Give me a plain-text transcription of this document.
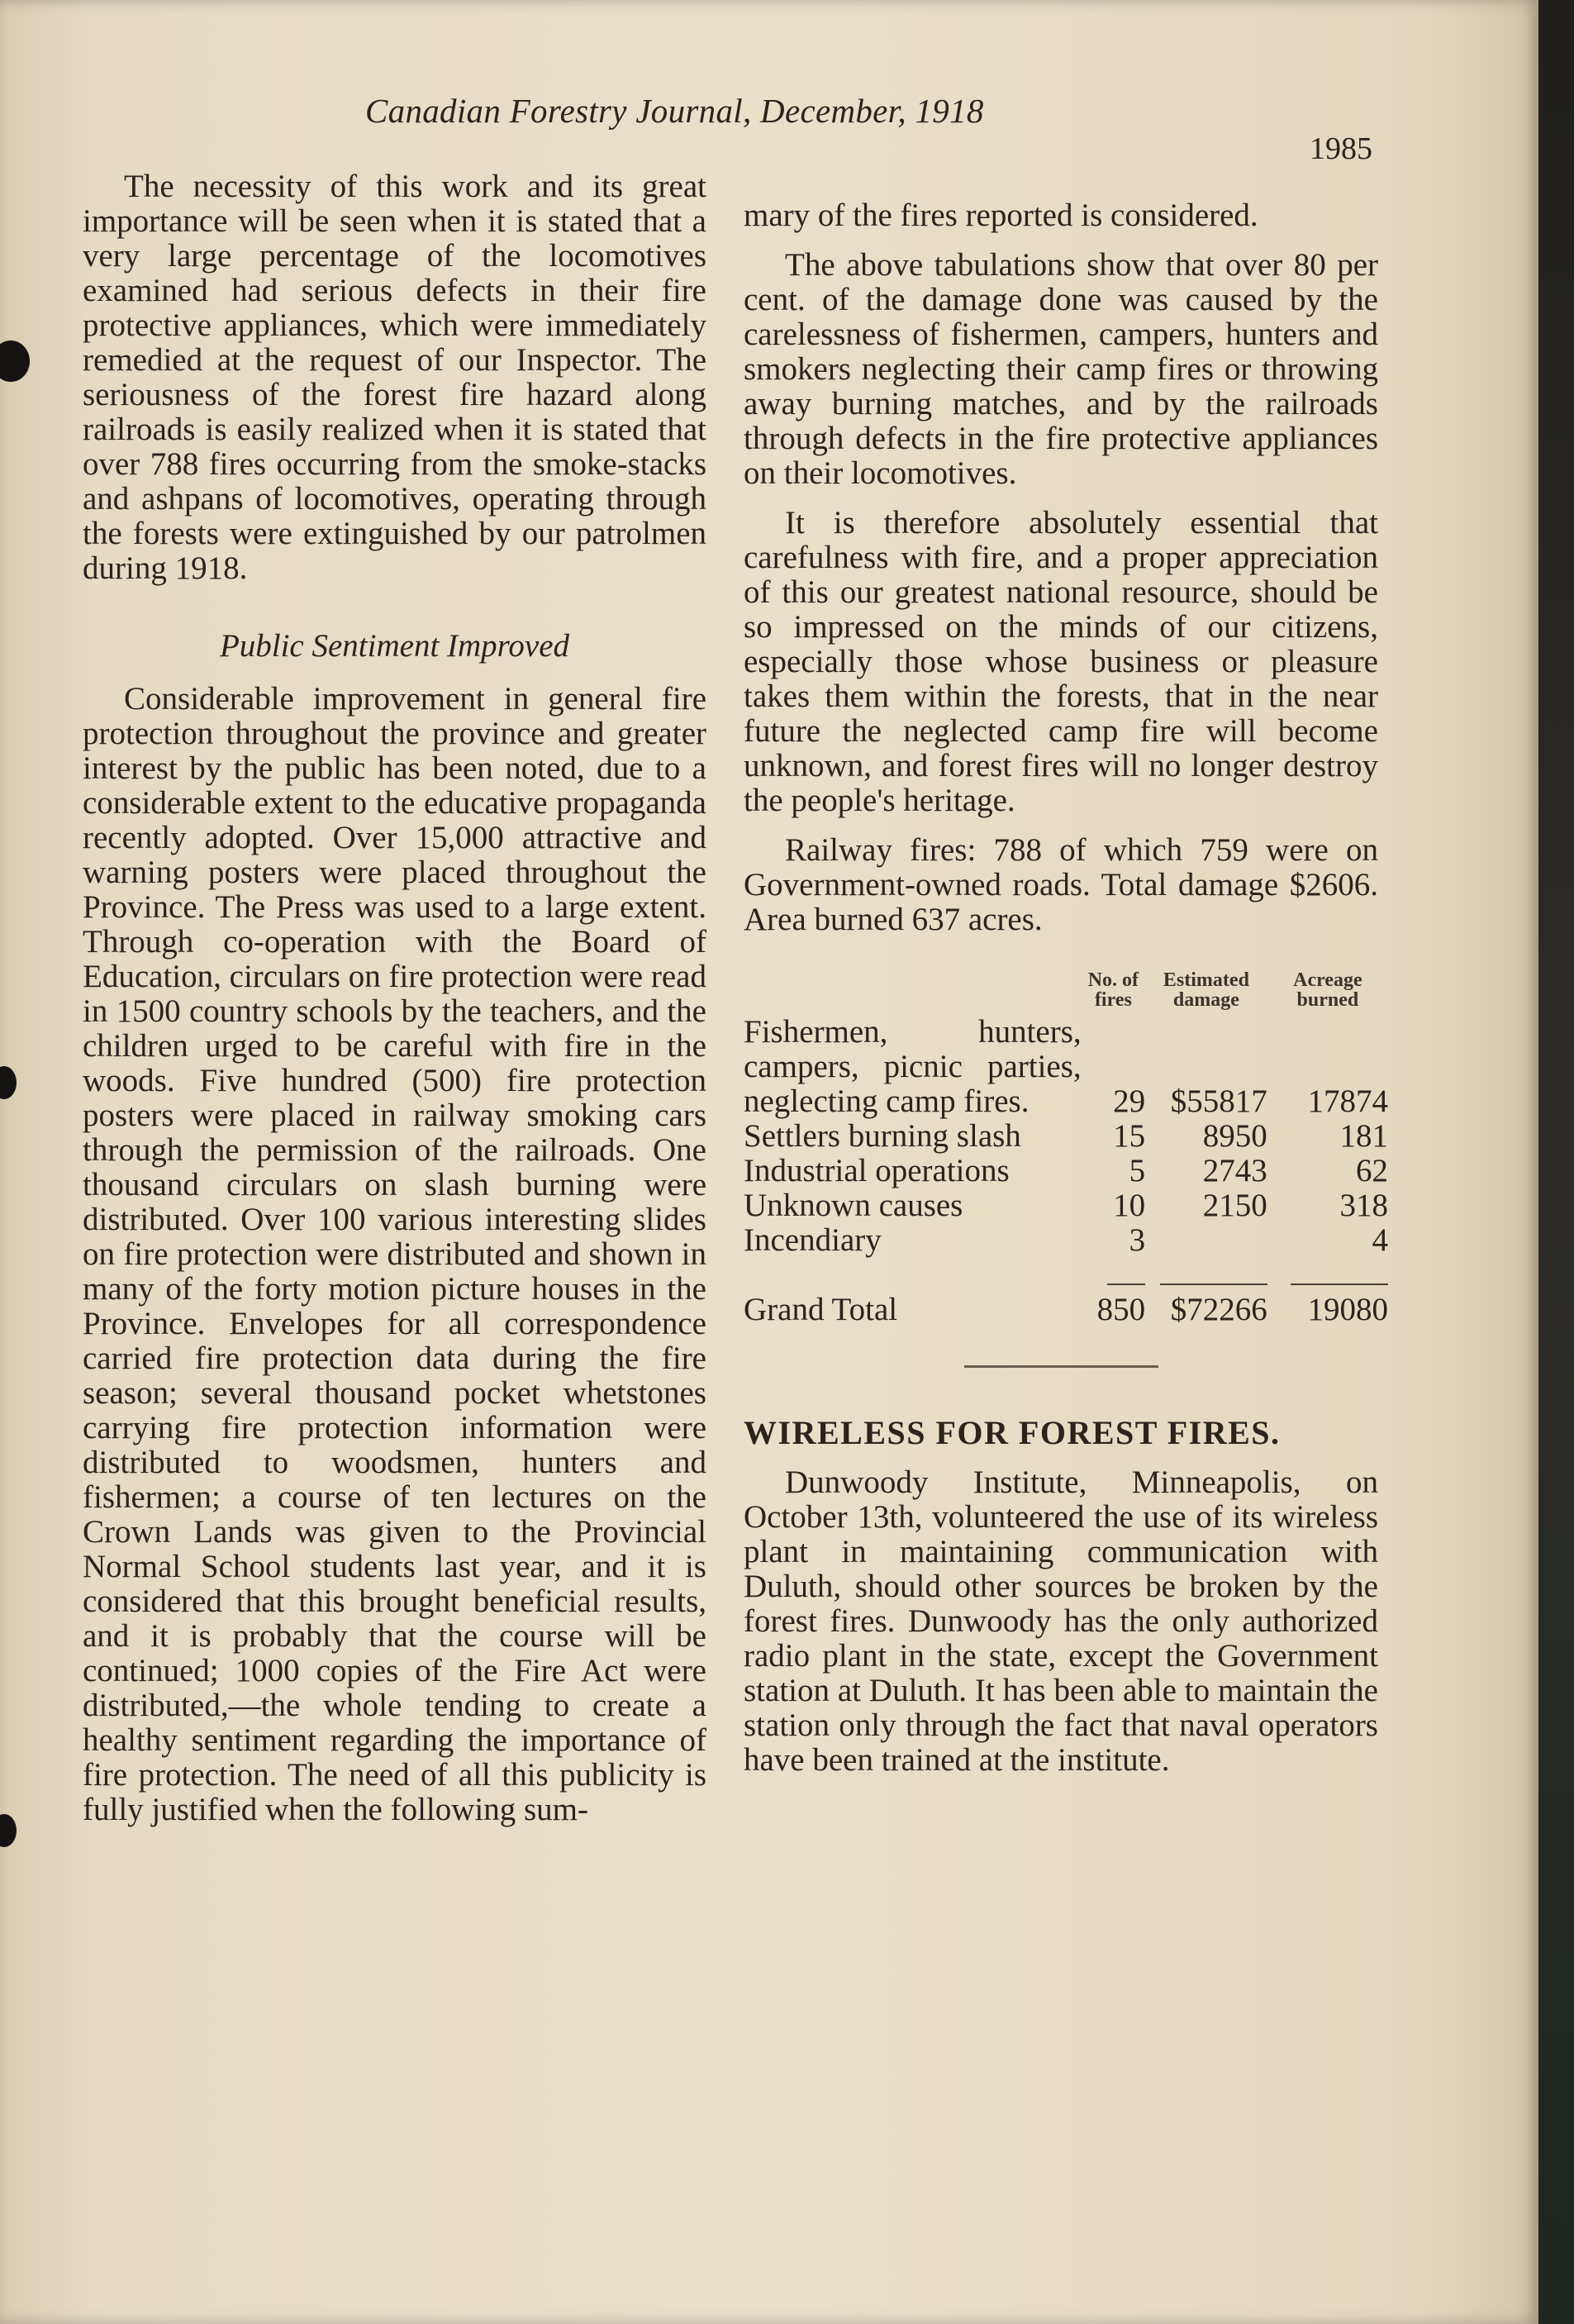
Canadian Forestry Journal, December, 1918
1985

The necessity of this work and its great importance will be seen when it is stated that a very large percentage of the locomotives examined had serious defects in their fire protective appliances, which were immediately remedied at the request of our Inspector. The seriousness of the forest fire hazard along railroads is easily realized when it is stated that over 788 fires occurring from the smoke-stacks and ashpans of locomotives, operating through the forests were extinguished by our patrolmen during 1918.

Public Sentiment Improved

Considerable improvement in general fire protection throughout the province and greater interest by the public has been noted, due to a considerable extent to the educative propaganda recently adopted. Over 15,000 attractive and warning posters were placed throughout the Province. The Press was used to a large extent. Through co-operation with the Board of Education, circulars on fire protection were read in 1500 country schools by the teachers, and the children urged to be careful with fire in the woods. Five hundred (500) fire protection posters were placed in railway smoking cars through the permission of the railroads. One thousand circulars on slash burning were distributed. Over 100 various interesting slides on fire protection were distributed and shown in many of the forty motion picture houses in the Province. Envelopes for all correspondence carried fire protection data during the fire season; several thousand pocket whetstones carrying fire protection information were distributed to woodsmen, hunters and fishermen; a course of ten lectures on the Crown Lands was given to the Provincial Normal School students last year, and it is considered that this brought beneficial results, and it is probably that the course will be continued; 1000 copies of the Fire Act were distributed,—the whole tending to create a healthy sentiment regarding the importance of fire protection. The need of all this publicity is fully justified when the following sum-

mary of the fires reported is considered.

The above tabulations show that over 80 per cent. of the damage done was caused by the carelessness of fishermen, campers, hunters and smokers neglecting their camp fires or throwing away burning matches, and by the railroads through defects in the fire protective appliances on their locomotives.

It is therefore absolutely essential that carefulness with fire, and a proper appreciation of this our greatest national resource, should be so impressed on the minds of our citizens, especially those whose business or pleasure takes them within the forests, that in the near future the neglected camp fire will become unknown, and forest fires will no longer destroy the people's heritage.

Railway fires: 788 of which 759 were on Government-owned roads. Total damage $2606. Area burned 637 acres.

	No. of fires	Estimated damage	Acreage burned
Fishermen, hunters, campers, picnic parties, neglecting camp fires.	29	$55817	17874
Settlers burning slash	15	8950	181
Industrial operations	5	2743	62
Unknown causes	10	2150	318
Incendiary	3		4

Grand Total	850	$72266	19080
WIRELESS FOR FOREST FIRES.

Dunwoody Institute, Minneapolis, on October 13th, volunteered the use of its wireless plant in maintaining communication with Duluth, should other sources be broken by the forest fires. Dunwoody has the only authorized radio plant in the state, except the Government station at Duluth. It has been able to maintain the station only through the fact that naval operators have been trained at the institute.
